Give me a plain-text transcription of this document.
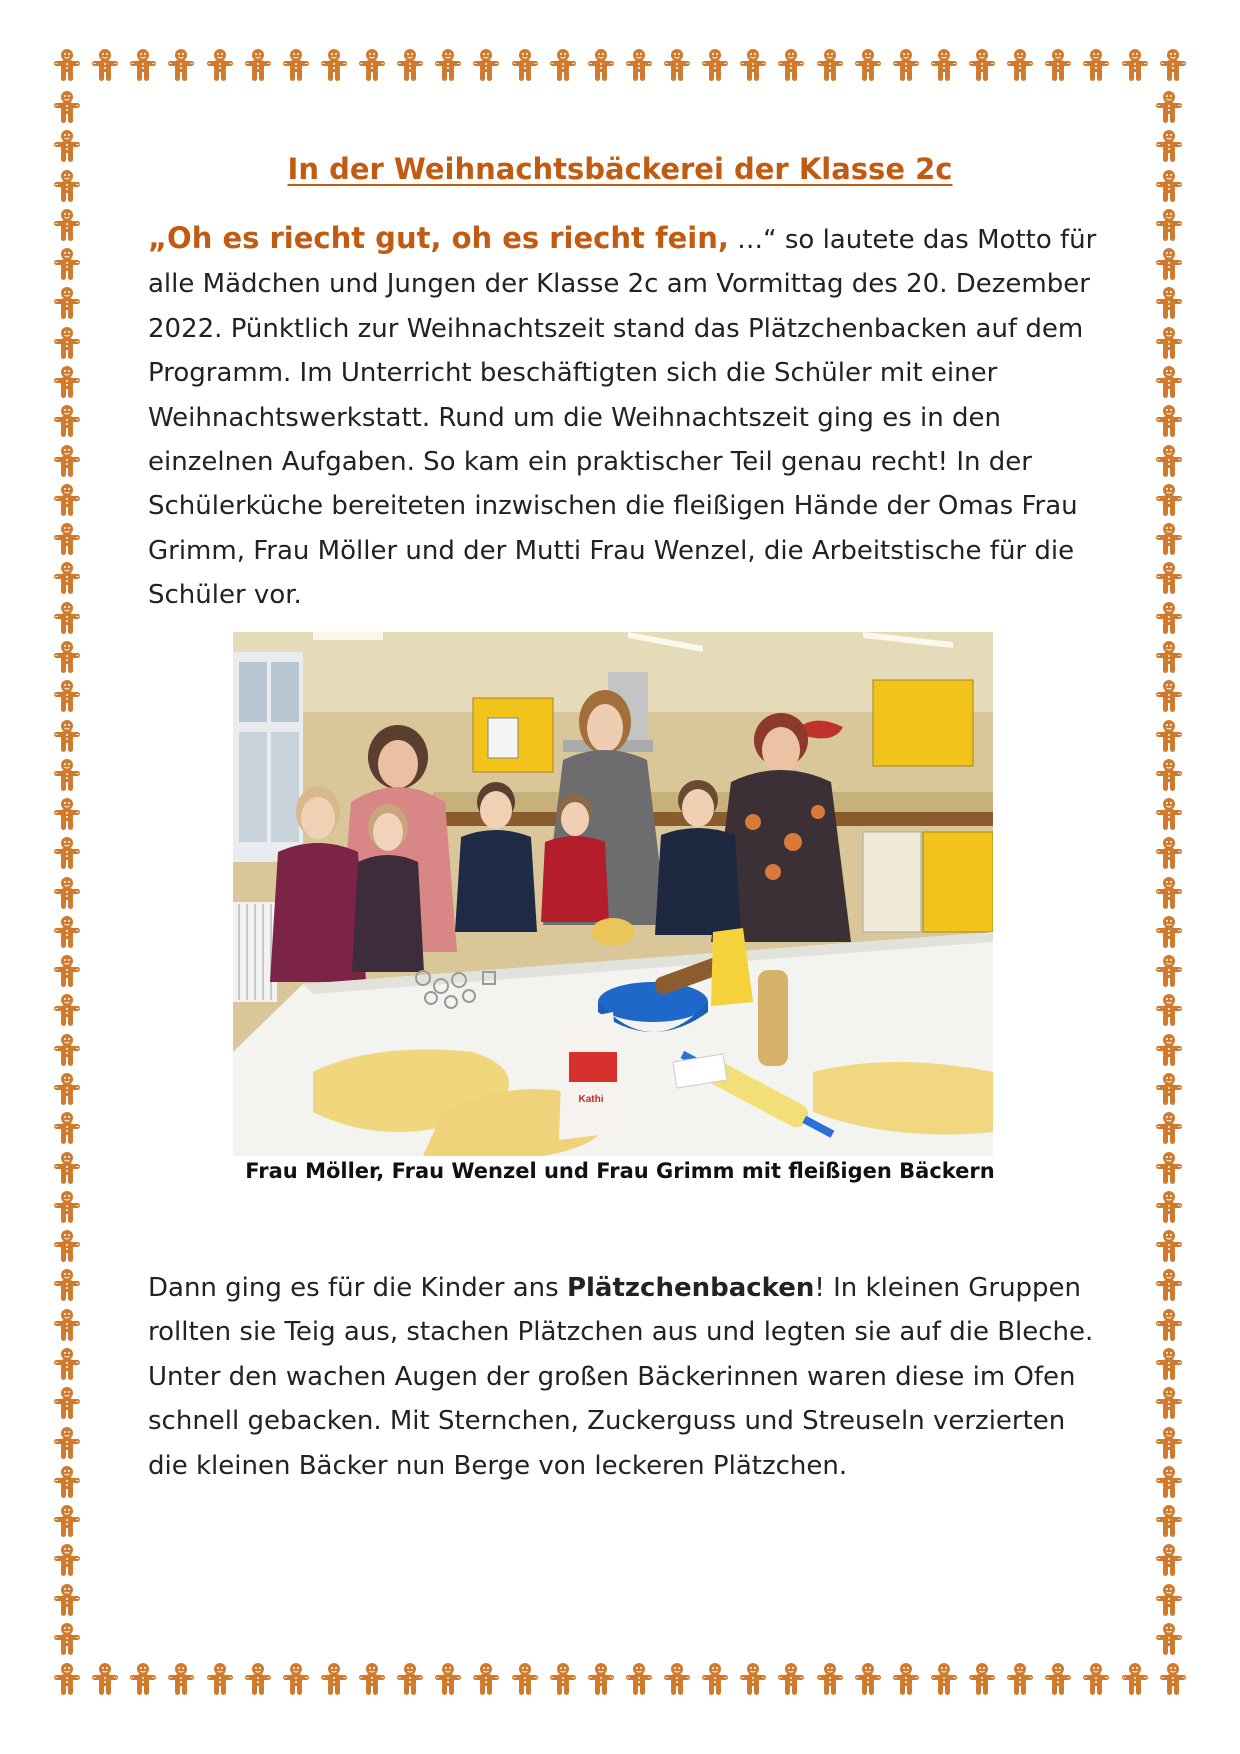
In der Weihnachtsbäckerei der Klasse 2c

„Oh es riecht gut, oh es riecht fein, …“ so lautete das Motto für alle Mädchen und Jungen der Klasse 2c am Vormittag des 20. Dezember 2022. Pünktlich zur Weihnachtszeit stand das Plätzchenbacken auf dem Programm. Im Unterricht beschäftigten sich die Schüler mit einer Weihnachtswerkstatt. Rund um die Weihnachtszeit ging es in den einzelnen Aufgaben. So kam ein praktischer Teil genau recht! In der Schülerküche bereiteten inzwischen die fleißigen Hände der Omas Frau Grimm, Frau Möller und der Mutti Frau Wenzel, die Arbeitstische für die Schüler vor.

Kathi

Frau Möller, Frau Wenzel und Frau Grimm mit fleißigen Bäckern

Dann ging es für die Kinder ans Plätzchenbacken! In kleinen Gruppen rollten sie Teig aus, stachen Plätzchen aus und legten sie auf die Bleche. Unter den wachen Augen der großen Bäckerinnen waren diese im Ofen schnell gebacken. Mit Sternchen, Zuckerguss und Streuseln verzierten die kleinen Bäcker nun Berge von leckeren Plätzchen.
